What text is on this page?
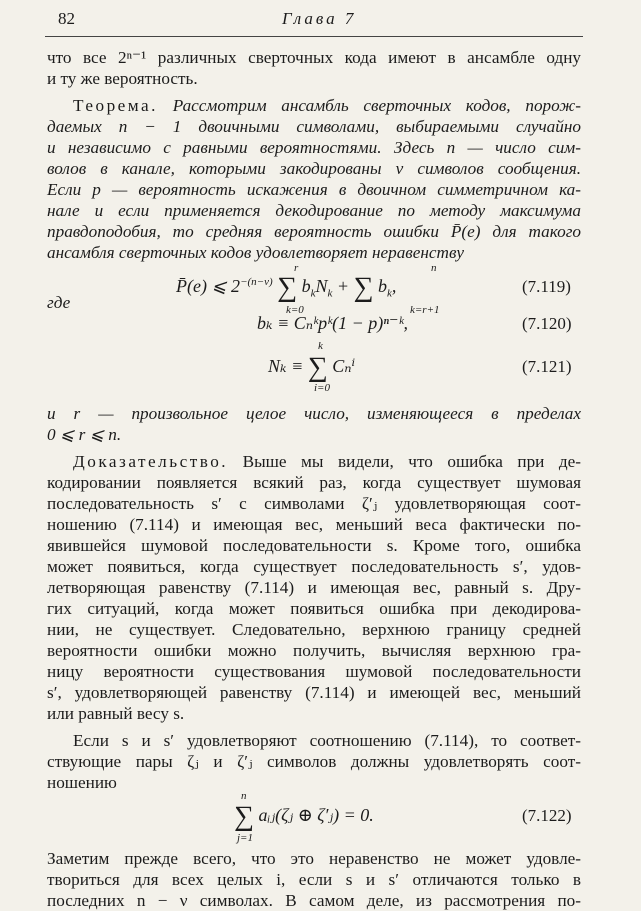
82	Глава 7
что все 2ⁿ⁻¹ различных сверточных кода имеют в ансамбле одну
и ту же вероятность.
Теорема. Рассмотрим ансамбль сверточных кодов, порож-
даемых n − 1 двоичными символами, выбираемыми случайно
и независимо с равными вероятностями. Здесь n — число сим-
волов в канале, которыми закодированы ν символов сообщения.
Если p — вероятность искажения в двоичном симметричном ка-
нале и если применяется декодирование по методу максимума
правдоподобия, то средняя вероятность ошибки P̄(e) для такого
ансамбля сверточных кодов удовлетворяет неравенству
r	n
P̄(e) ⩽ $2^{-(n-\nu)}$ ∑ $b_kN_k$ + ∑ $b_k$,
k=0	k=r+1
(7.119)
где
bₖ ≡ Cₙᵏpᵏ(1 − p)ⁿ⁻ᵏ,	(7.120)
k
Nₖ ≡ ∑ Cₙⁱ
i=0
(7.121)
и r — произвольное целое число, изменяющееся в пределах
0 ⩽ r ⩽ n.
Доказательство. Выше мы видели, что ошибка при де-
кодировании появляется всякий раз, когда существует шумовая
последовательность s′ с символами ζ′ⱼ удовлетворяющая соот-
ношению (7.114) и имеющая вес, меньший веса фактически по-
явившейся шумовой последовательности s. Кроме того, ошибка
может появиться, когда существует последовательность s′, удов-
летворяющая равенству (7.114) и имеющая вес, равный s. Дру-
гих ситуаций, когда может появиться ошибка при декодирова-
нии, не существует. Следовательно, верхнюю границу средней
вероятности ошибки можно получить, вычисляя верхнюю гра-
ницу вероятности существования шумовой последовательности
s′, удовлетворяющей равенству (7.114) и имеющей вес, меньший
или равный весу s.
Если s и s′ удовлетворяют соотношению (7.114), то соответ-
ствующие пары ζⱼ и ζ′ⱼ символов должны удовлетворять соот-
ношению
n
∑ aᵢⱼ(ζⱼ ⊕ ζ′ⱼ) = 0.
j=1
(7.122)
Заметим прежде всего, что это неравенство не может удовле-
твориться для всех целых i, если s и s′ отличаются только в
последних n − ν символах. В самом деле, из рассмотрения по-
